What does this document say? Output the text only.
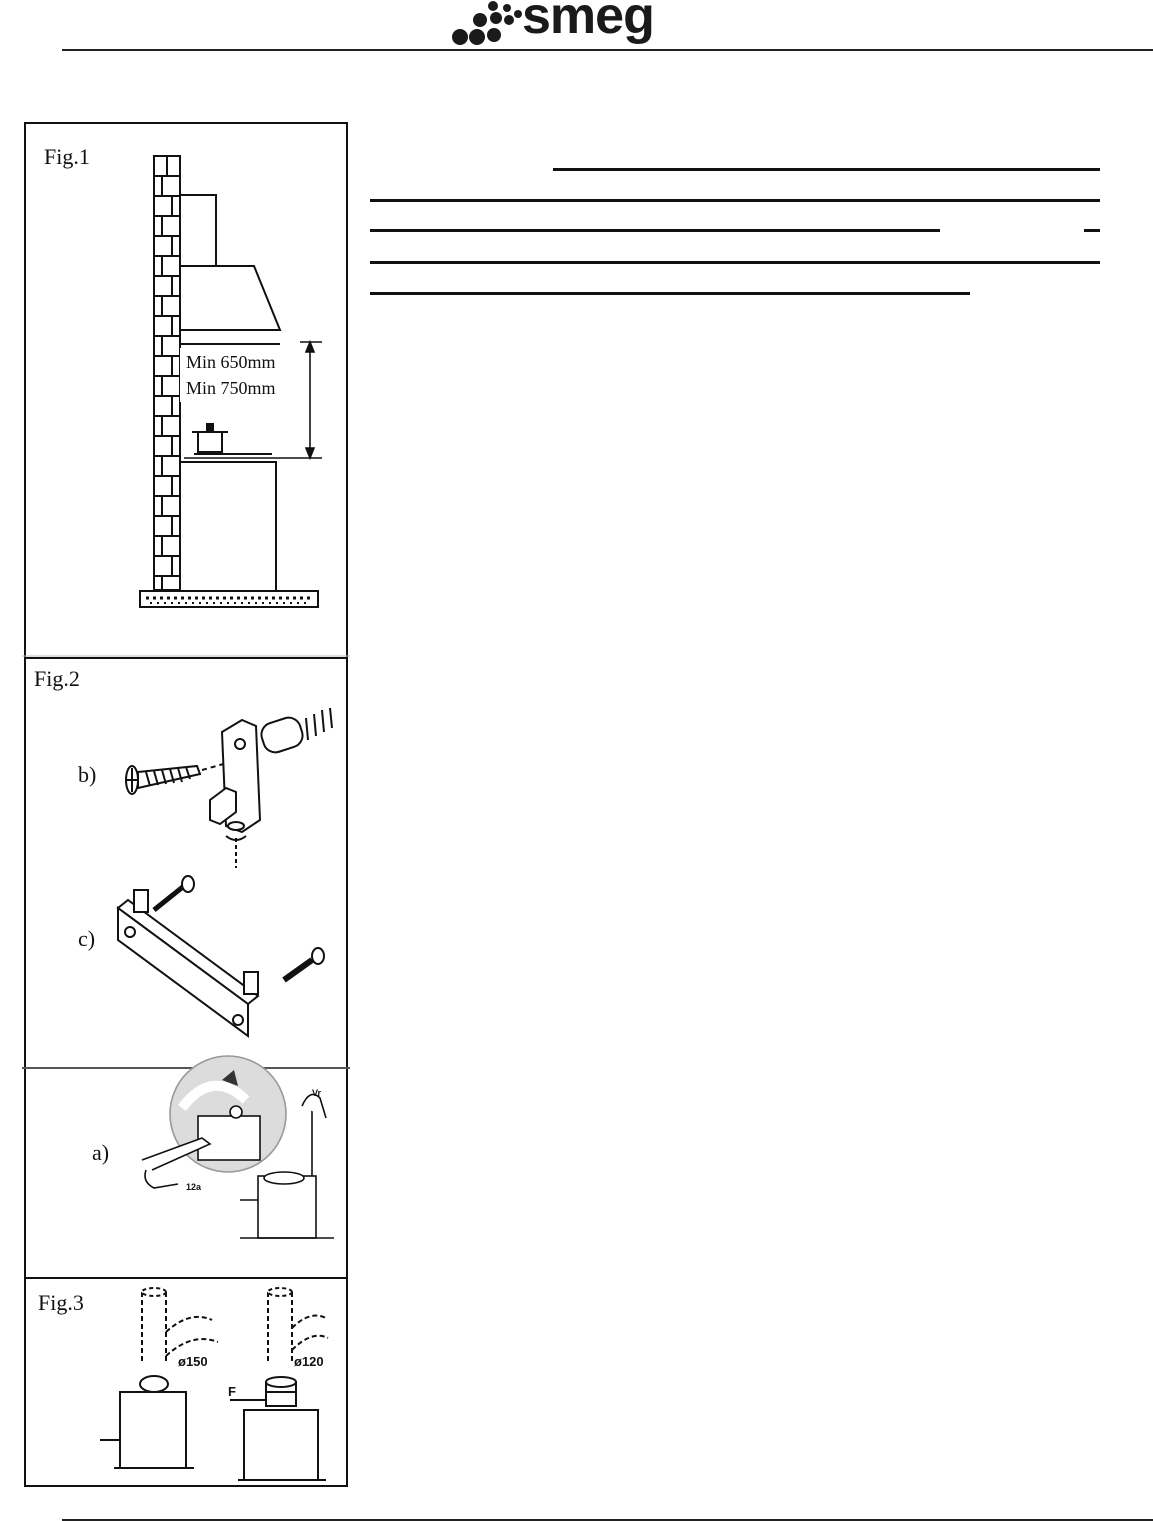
smeg
Fig.1
Min 650mm
Min 750mm
Fig.2
b)
c)
a)
Vr
12a
Fig.3
ø150	ø120
F
